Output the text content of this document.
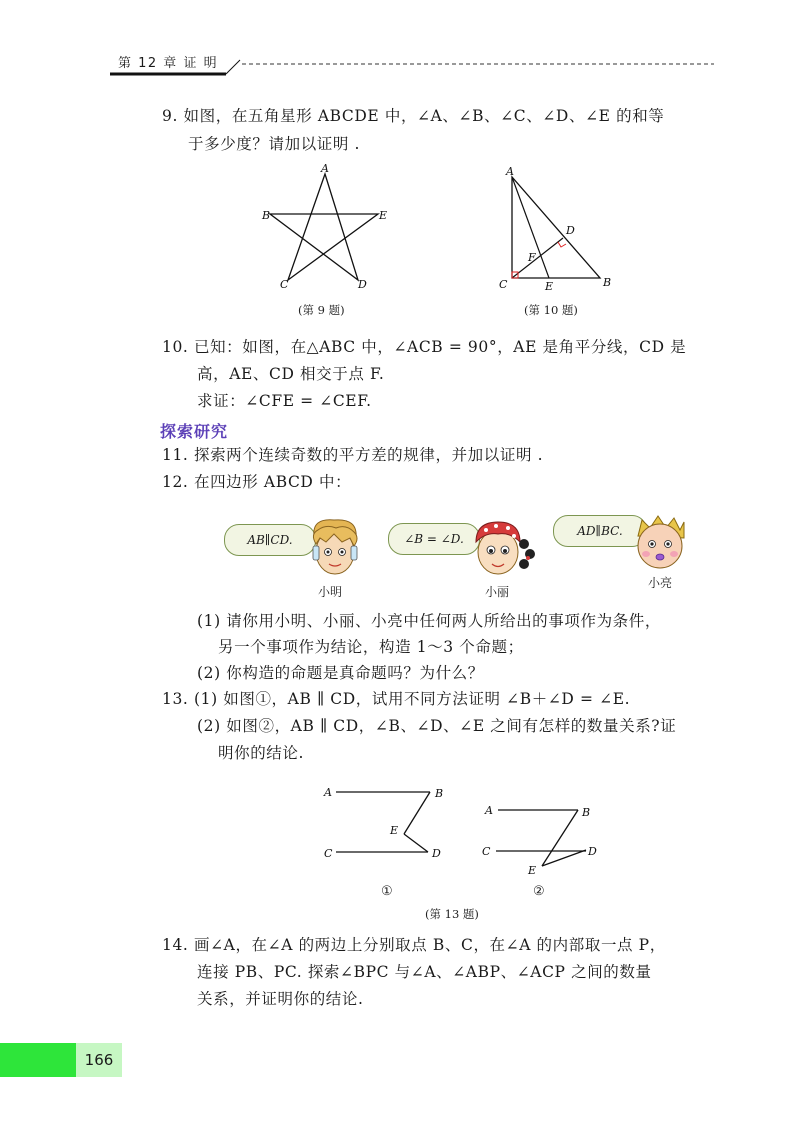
第 12 章 证 明
9. 如图，在五角星形 ABCDE 中，∠A、∠B、∠C、∠D、∠E 的和等
于多少度？请加以证明 .
A
B
C	D
E
(第 9 题)
A
C	B
D
E
F
(第 10 题)
10. 已知：如图，在△ABC 中，∠ACB = 90°，AE 是角平分线，CD 是
高，AE、CD 相交于点 F.
求证：∠CFE = ∠CEF.
探索研究
11. 探索两个连续奇数的平方差的规律，并加以证明 .
12. 在四边形 ABCD 中：
AB∥CD.
小明
∠B = ∠D.
小丽
AD∥BC.
小亮
(1) 请你用小明、小丽、小亮中任何两人所给出的事项作为条件，
另一个事项作为结论，构造 1～3 个命题；
(2) 你构造的命题是真命题吗？为什么？
13. (1) 如图①，AB ∥ CD，试用不同方法证明 ∠B＋∠D = ∠E.
(2) 如图②，AB ∥ CD，∠B、∠D、∠E 之间有怎样的数量关系?证
明你的结论.
A	B
E
C	D
①
A	B
C	D
E
②
(第 13 题)
14. 画∠A，在∠A 的两边上分别取点 B、C，在∠A 的内部取一点 P，
连接 PB、PC. 探索∠BPC 与∠A、∠ABP、∠ACP 之间的数量
关系，并证明你的结论.
166
